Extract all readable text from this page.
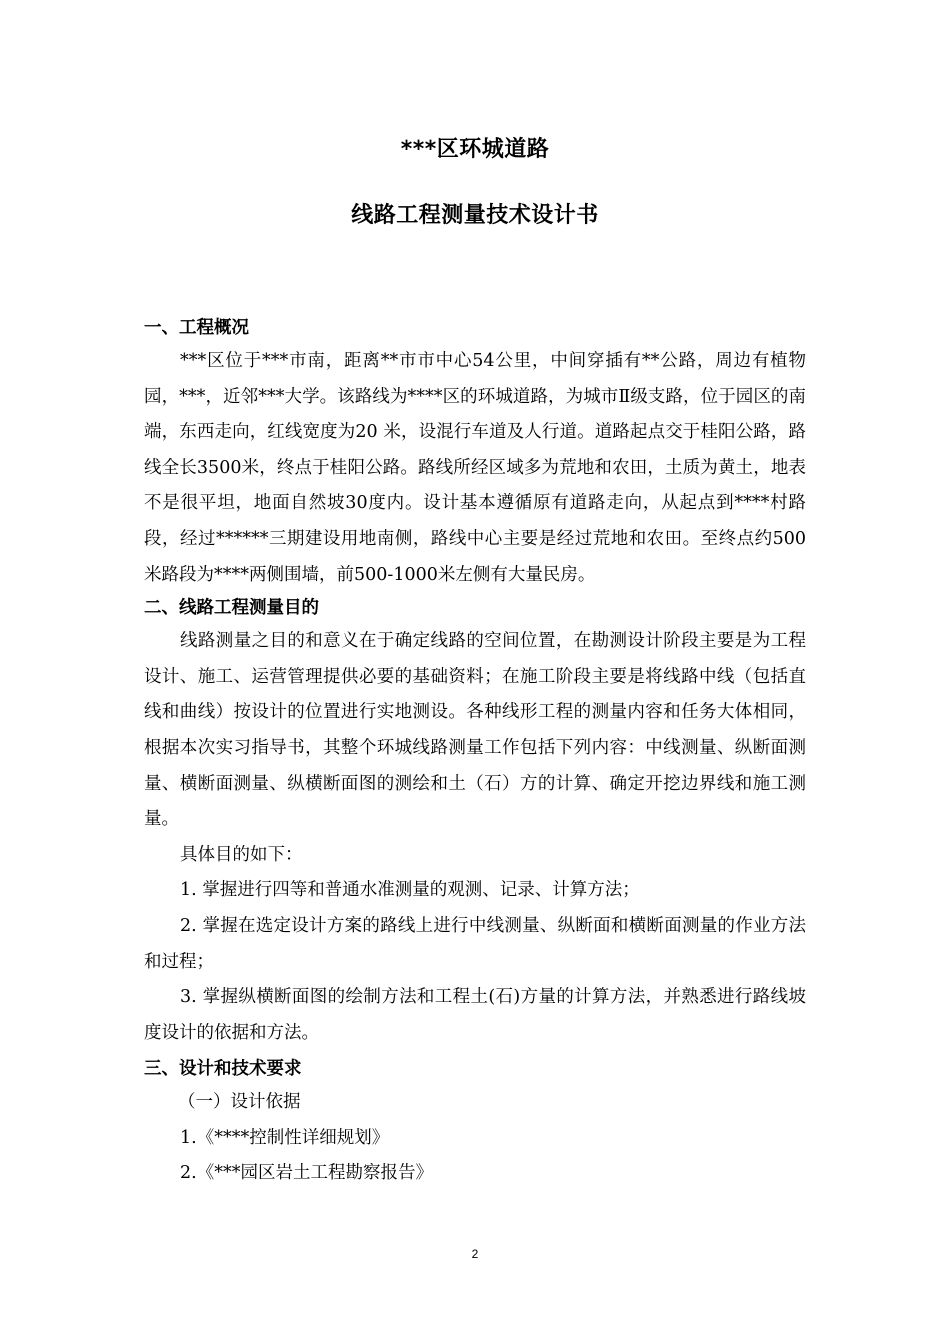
***区环城道路
线路工程测量技术设计书
一、工程概况
***区位于***市南，距离**市市中心54公里，中间穿插有**公路，周边有植物园，***，近邻***大学。该路线为****区的环城道路，为城市Ⅱ级支路，位于园区的南端，东西走向，红线宽度为20 米，设混行车道及人行道。道路起点交于桂阳公路，路线全长3500米，终点于桂阳公路。路线所经区域多为荒地和农田，土质为黄土，地表不是很平坦，地面自然坡30度内。设计基本遵循原有道路走向，从起点到****村路段，经过******三期建设用地南侧，路线中心主要是经过荒地和农田。至终点约500米路段为****两侧围墙，前500-1000米左侧有大量民房。
二、线路工程测量目的
线路测量之目的和意义在于确定线路的空间位置，在勘测设计阶段主要是为工程设计、施工、运营管理提供必要的基础资料；在施工阶段主要是将线路中线（包括直线和曲线）按设计的位置进行实地测设。各种线形工程的测量内容和任务大体相同，根据本次实习指导书，其整个环城线路测量工作包括下列内容：中线测量、纵断面测量、横断面测量、纵横断面图的测绘和土（石）方的计算、确定开挖边界线和施工测量。
具体目的如下：
1. 掌握进行四等和普通水准测量的观测、记录、计算方法；
2. 掌握在选定设计方案的路线上进行中线测量、纵断面和横断面测量的作业方法和过程；
3. 掌握纵横断面图的绘制方法和工程土(石)方量的计算方法，并熟悉进行路线坡度设计的依据和方法。
三、设计和技术要求
（一）设计依据
1.《****控制性详细规划》
2.《***园区岩土工程勘察报告》
2
